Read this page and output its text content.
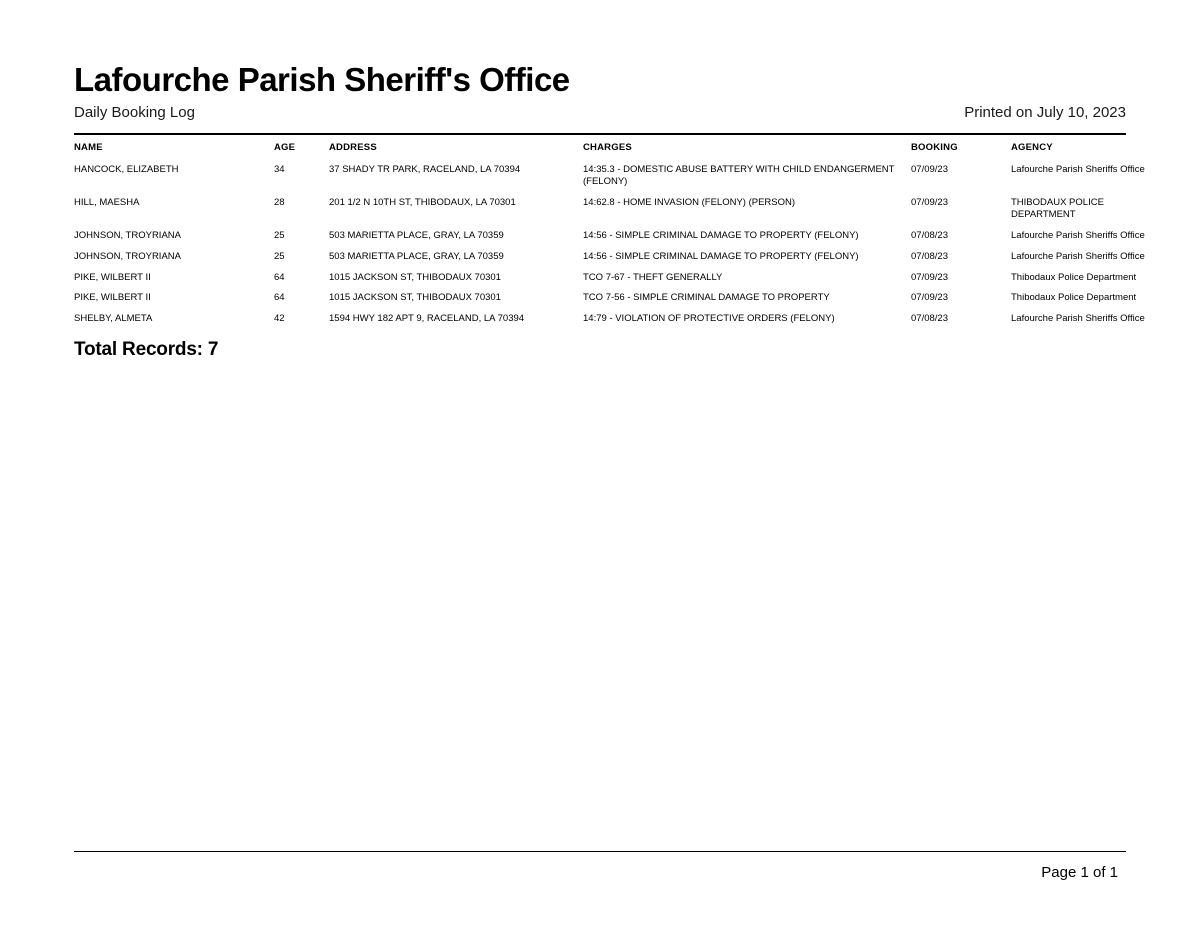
Lafourche Parish Sheriff's Office
Daily Booking Log	Printed on July 10, 2023
NAME	AGE	ADDRESS	CHARGES	BOOKING	AGENCY
HANCOCK, ELIZABETH	34	37 SHADY TR PARK, RACELAND, LA 70394	14:35.3 - DOMESTIC ABUSE BATTERY WITH CHILD ENDANGERMENT (FELONY)	07/09/23	Lafourche Parish Sheriffs Office
HILL, MAESHA	28	201 1/2 N 10TH ST, THIBODAUX, LA 70301	14:62.8 - HOME INVASION (FELONY) (PERSON)	07/09/23	THIBODAUX POLICE DEPARTMENT
JOHNSON, TROYRIANA	25	503 MARIETTA PLACE, GRAY, LA 70359	14:56 - SIMPLE CRIMINAL DAMAGE TO PROPERTY (FELONY)	07/08/23	Lafourche Parish Sheriffs Office
JOHNSON, TROYRIANA	25	503 MARIETTA PLACE, GRAY, LA 70359	14:56 - SIMPLE CRIMINAL DAMAGE TO PROPERTY (FELONY)	07/08/23	Lafourche Parish Sheriffs Office
PIKE, WILBERT II	64	1015 JACKSON ST, THIBODAUX 70301	TCO 7-67 - THEFT GENERALLY	07/09/23	Thibodaux Police Department
PIKE, WILBERT II	64	1015 JACKSON ST, THIBODAUX 70301	TCO 7-56 - SIMPLE CRIMINAL DAMAGE TO PROPERTY	07/09/23	Thibodaux Police Department
SHELBY, ALMETA	42	1594 HWY 182 APT 9, RACELAND, LA 70394	14:79 - VIOLATION OF PROTECTIVE ORDERS (FELONY)	07/08/23	Lafourche Parish Sheriffs Office
Total Records: 7
Page 1 of 1
